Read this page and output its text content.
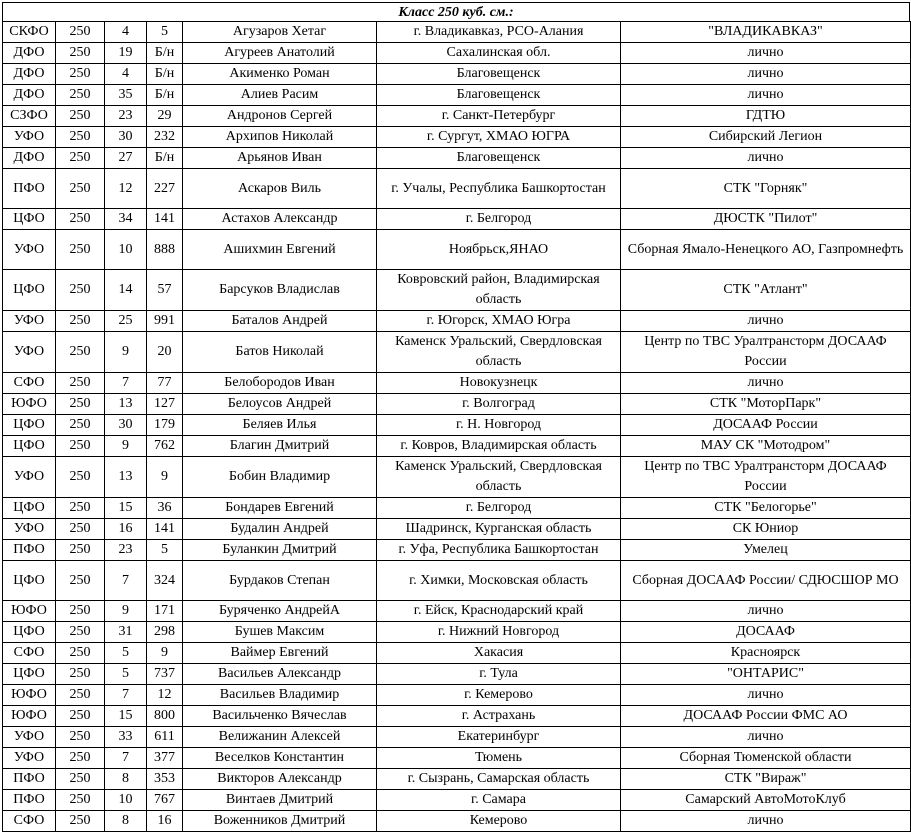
Класс 250 куб. см.:
СКФО	250	4	5	Агузаров Хетаг	г. Владикавказ, РСО-Алания	"ВЛАДИКАВКАЗ"
ДФО	250	19	Б/н	Агуреев Анатолий	Сахалинская обл.	лично
ДФО	250	4	Б/н	Акименко Роман	Благовещенск	лично
ДФО	250	35	Б/н	Алиев Расим	Благовещенск	лично
СЗФО	250	23	29	Андронов Сергей	г. Санкт-Петербург	ГДТЮ
УФО	250	30	232	Архипов Николай	г. Сургут, ХМАО ЮГРА	Сибирский Легион
ДФО	250	27	Б/н	Арьянов Иван	Благовещенск	лично
ПФО	250	12	227	Аскаров Виль	г. Учалы, Республика Башкортостан	СТК "Горняк"
ЦФО	250	34	141	Астахов Александр	г. Белгород	ДЮСТК "Пилот"
УФО	250	10	888	Ашихмин Евгений	Ноябрьск,ЯНАО	Сборная Ямало-Ненецкого АО, Газпромнефть
ЦФО	250	14	57	Барсуков Владислав	Ковровский район, Владимирская область	СТК "Атлант"
УФО	250	25	991	Баталов Андрей	г. Югорск, ХМАО Югра	лично
УФО	250	9	20	Батов Николай	Каменск Уральский, Свердловская область	Центр по ТВС Уралтрансторм ДОСААФ России
СФО	250	7	77	Белобородов Иван	Новокузнецк	лично
ЮФО	250	13	127	Белоусов Андрей	г. Волгоград	СТК "МоторПарк"
ЦФО	250	30	179	Беляев Илья	г. Н. Новгород	ДОСААФ России
ЦФО	250	9	762	Благин Дмитрий	г. Ковров, Владимирская область	МАУ СК "Мотодром"
УФО	250	13	9	Бобин Владимир	Каменск Уральский, Свердловская область	Центр по ТВС Уралтрансторм ДОСААФ России
ЦФО	250	15	36	Бондарев Евгений	г. Белгород	СТК "Белогорье"
УФО	250	16	141	Будалин Андрей	Шадринск, Курганская область	СК Юниор
ПФО	250	23	5	Буланкин Дмитрий	г. Уфа, Республика Башкортостан	Умелец
ЦФО	250	7	324	Бурдаков Степан	г. Химки, Московская область	Сборная ДОСААФ России/ СДЮСШОР МО
ЮФО	250	9	171	Буряченко АндрейА	г. Ейск, Краснодарский край	лично
ЦФО	250	31	298	Бушев Максим	г. Нижний Новгород	ДОСААФ
СФО	250	5	9	Ваймер Евгений	Хакасия	Красноярск
ЦФО	250	5	737	Васильев Александр	г. Тула	"ОНТАРИС"
ЮФО	250	7	12	Васильев Владимир	г. Кемерово	лично
ЮФО	250	15	800	Васильченко Вячеслав	г. Астрахань	ДОСААФ России ФМС АО
УФО	250	33	611	Велижанин Алексей	Екатеринбург	лично
УФО	250	7	377	Веселков Константин	Тюмень	Сборная Тюменской области
ПФО	250	8	353	Викторов Александр	г. Сызрань, Самарская область	СТК "Вираж"
ПФО	250	10	767	Винтаев Дмитрий	г. Самара	Самарский АвтоМотоКлуб
СФО	250	8	16	Воженников Дмитрий	Кемерово	лично
